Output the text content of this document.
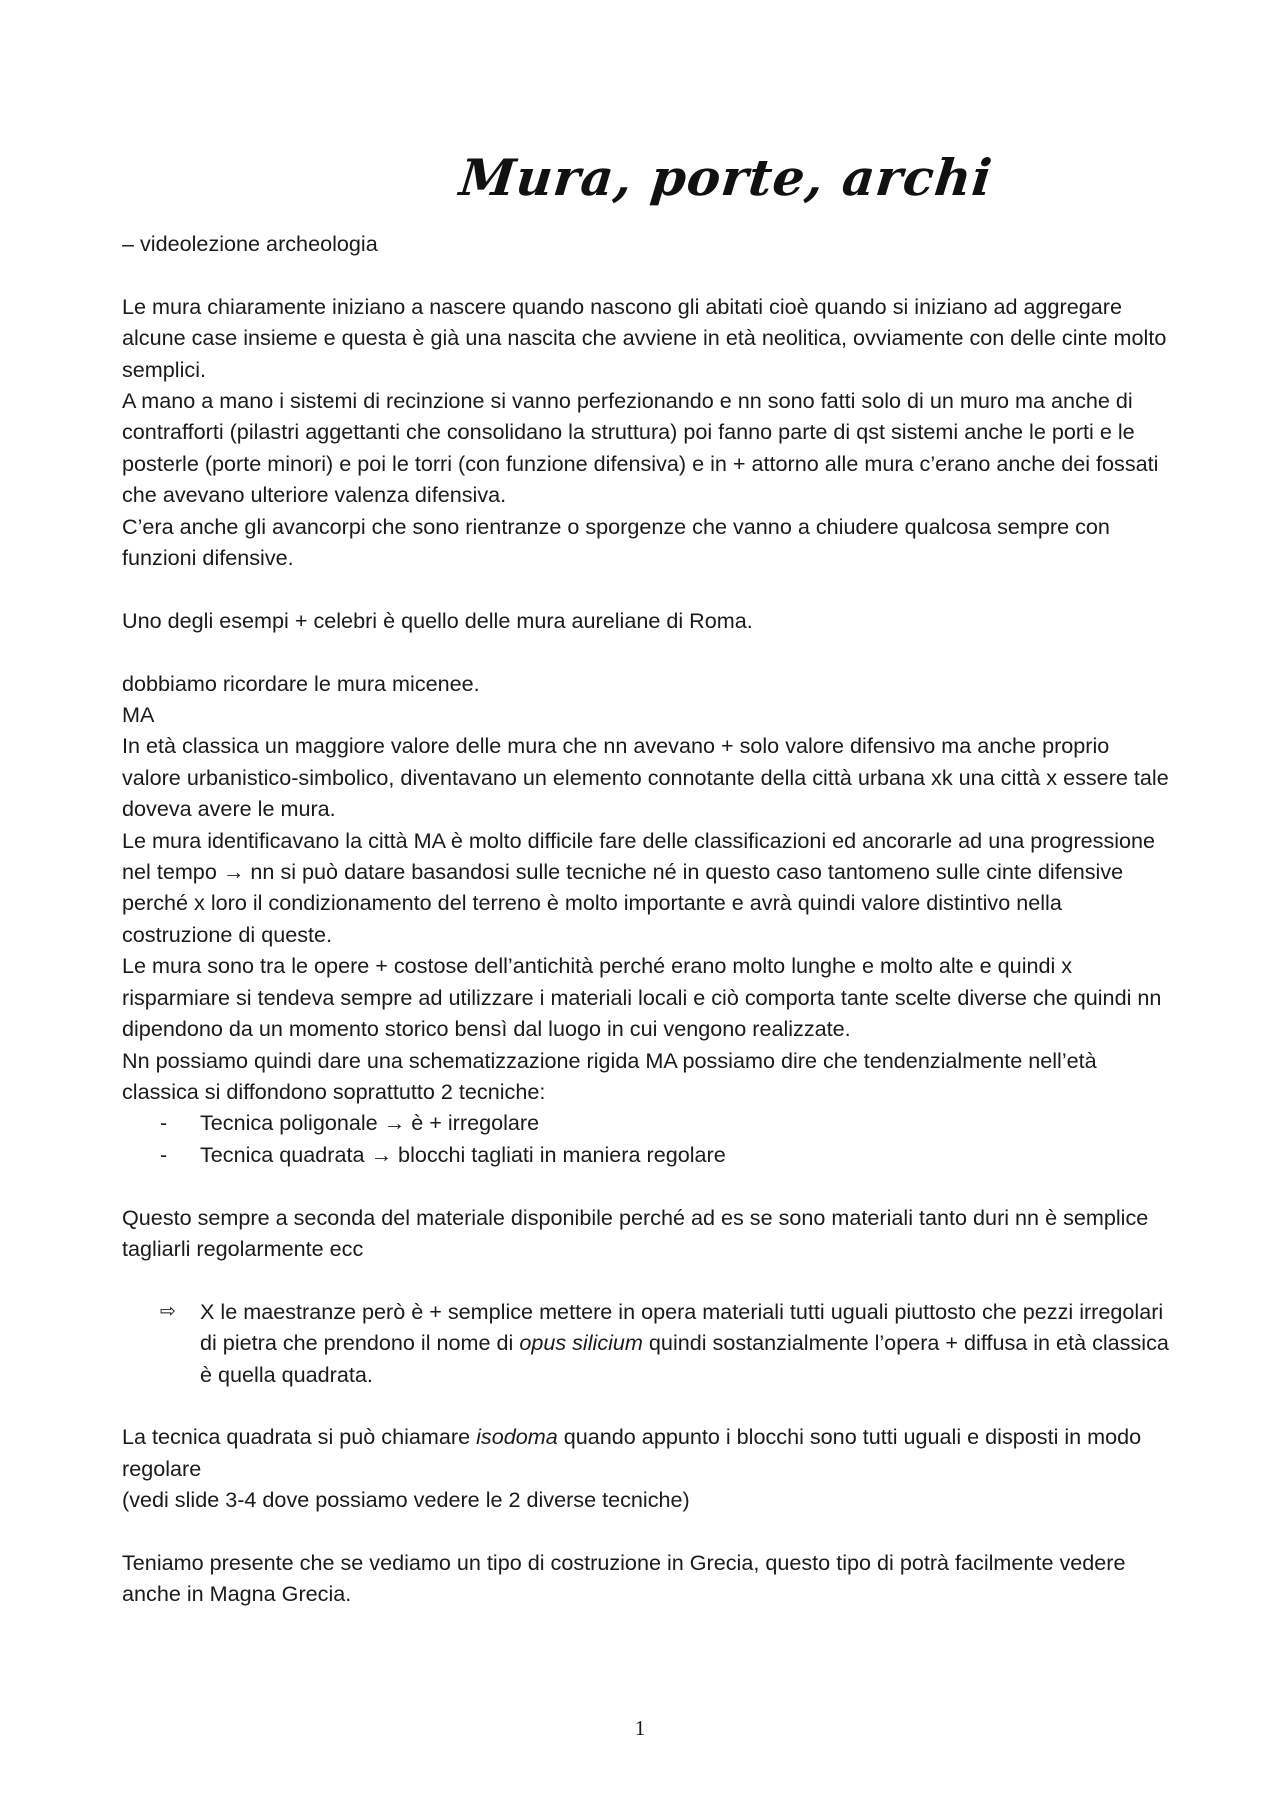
Mura, porte, archi

– videolezione archeologia

Le mura chiaramente iniziano a nascere quando nascono gli abitati cioè quando si iniziano ad aggregare alcune case insieme e questa è già una nascita che avviene in età neolitica, ovviamente con delle cinte molto semplici.

A mano a mano i sistemi di recinzione si vanno perfezionando e nn sono fatti solo di un muro ma anche di contrafforti (pilastri aggettanti che consolidano la struttura) poi fanno parte di qst sistemi anche le porti e le posterle (porte minori) e poi le torri (con funzione difensiva) e in + attorno alle mura c’erano anche dei fossati che avevano ulteriore valenza difensiva.

C’era anche gli avancorpi che sono rientranze o sporgenze che vanno a chiudere qualcosa sempre con funzioni difensive.

Uno degli esempi + celebri è quello delle mura aureliane di Roma.

dobbiamo ricordare le mura micenee.

MA

In età classica un maggiore valore delle mura che nn avevano + solo valore difensivo ma anche proprio valore urbanistico-simbolico, diventavano un elemento connotante della città urbana xk una città x essere tale doveva avere le mura.

Le mura identificavano la città MA è molto difficile fare delle classificazioni ed ancorarle ad una progressione nel tempo → nn si può datare basandosi sulle tecniche né in questo caso tantomeno sulle cinte difensive perché x loro il condizionamento del terreno è molto importante e avrà quindi valore distintivo nella costruzione di queste.

Le mura sono tra le opere + costose dell’antichità perché erano molto lunghe e molto alte e quindi x risparmiare si tendeva sempre ad utilizzare i materiali locali e ciò comporta tante scelte diverse che quindi nn dipendono da un momento storico bensì dal luogo in cui vengono realizzate.

Nn possiamo quindi dare una schematizzazione rigida MA possiamo dire che tendenzialmente nell’età classica si diffondono soprattutto 2 tecniche:

- Tecnica poligonale → è + irregolare
- Tecnica quadrata → blocchi tagliati in maniera regolare

Questo sempre a seconda del materiale disponibile perché ad es se sono materiali tanto duri nn è semplice tagliarli regolarmente ecc

⇨ X le maestranze però è + semplice mettere in opera materiali tutti uguali piuttosto che pezzi irregolari di pietra che prendono il nome di opus silicium quindi sostanzialmente l’opera + diffusa in età classica è quella quadrata.

La tecnica quadrata si può chiamare isodoma quando appunto i blocchi sono tutti uguali e disposti in modo regolare

(vedi slide 3-4 dove possiamo vedere le 2 diverse tecniche)

Teniamo presente che se vediamo un tipo di costruzione in Grecia, questo tipo di potrà facilmente vedere anche in Magna Grecia.

1
